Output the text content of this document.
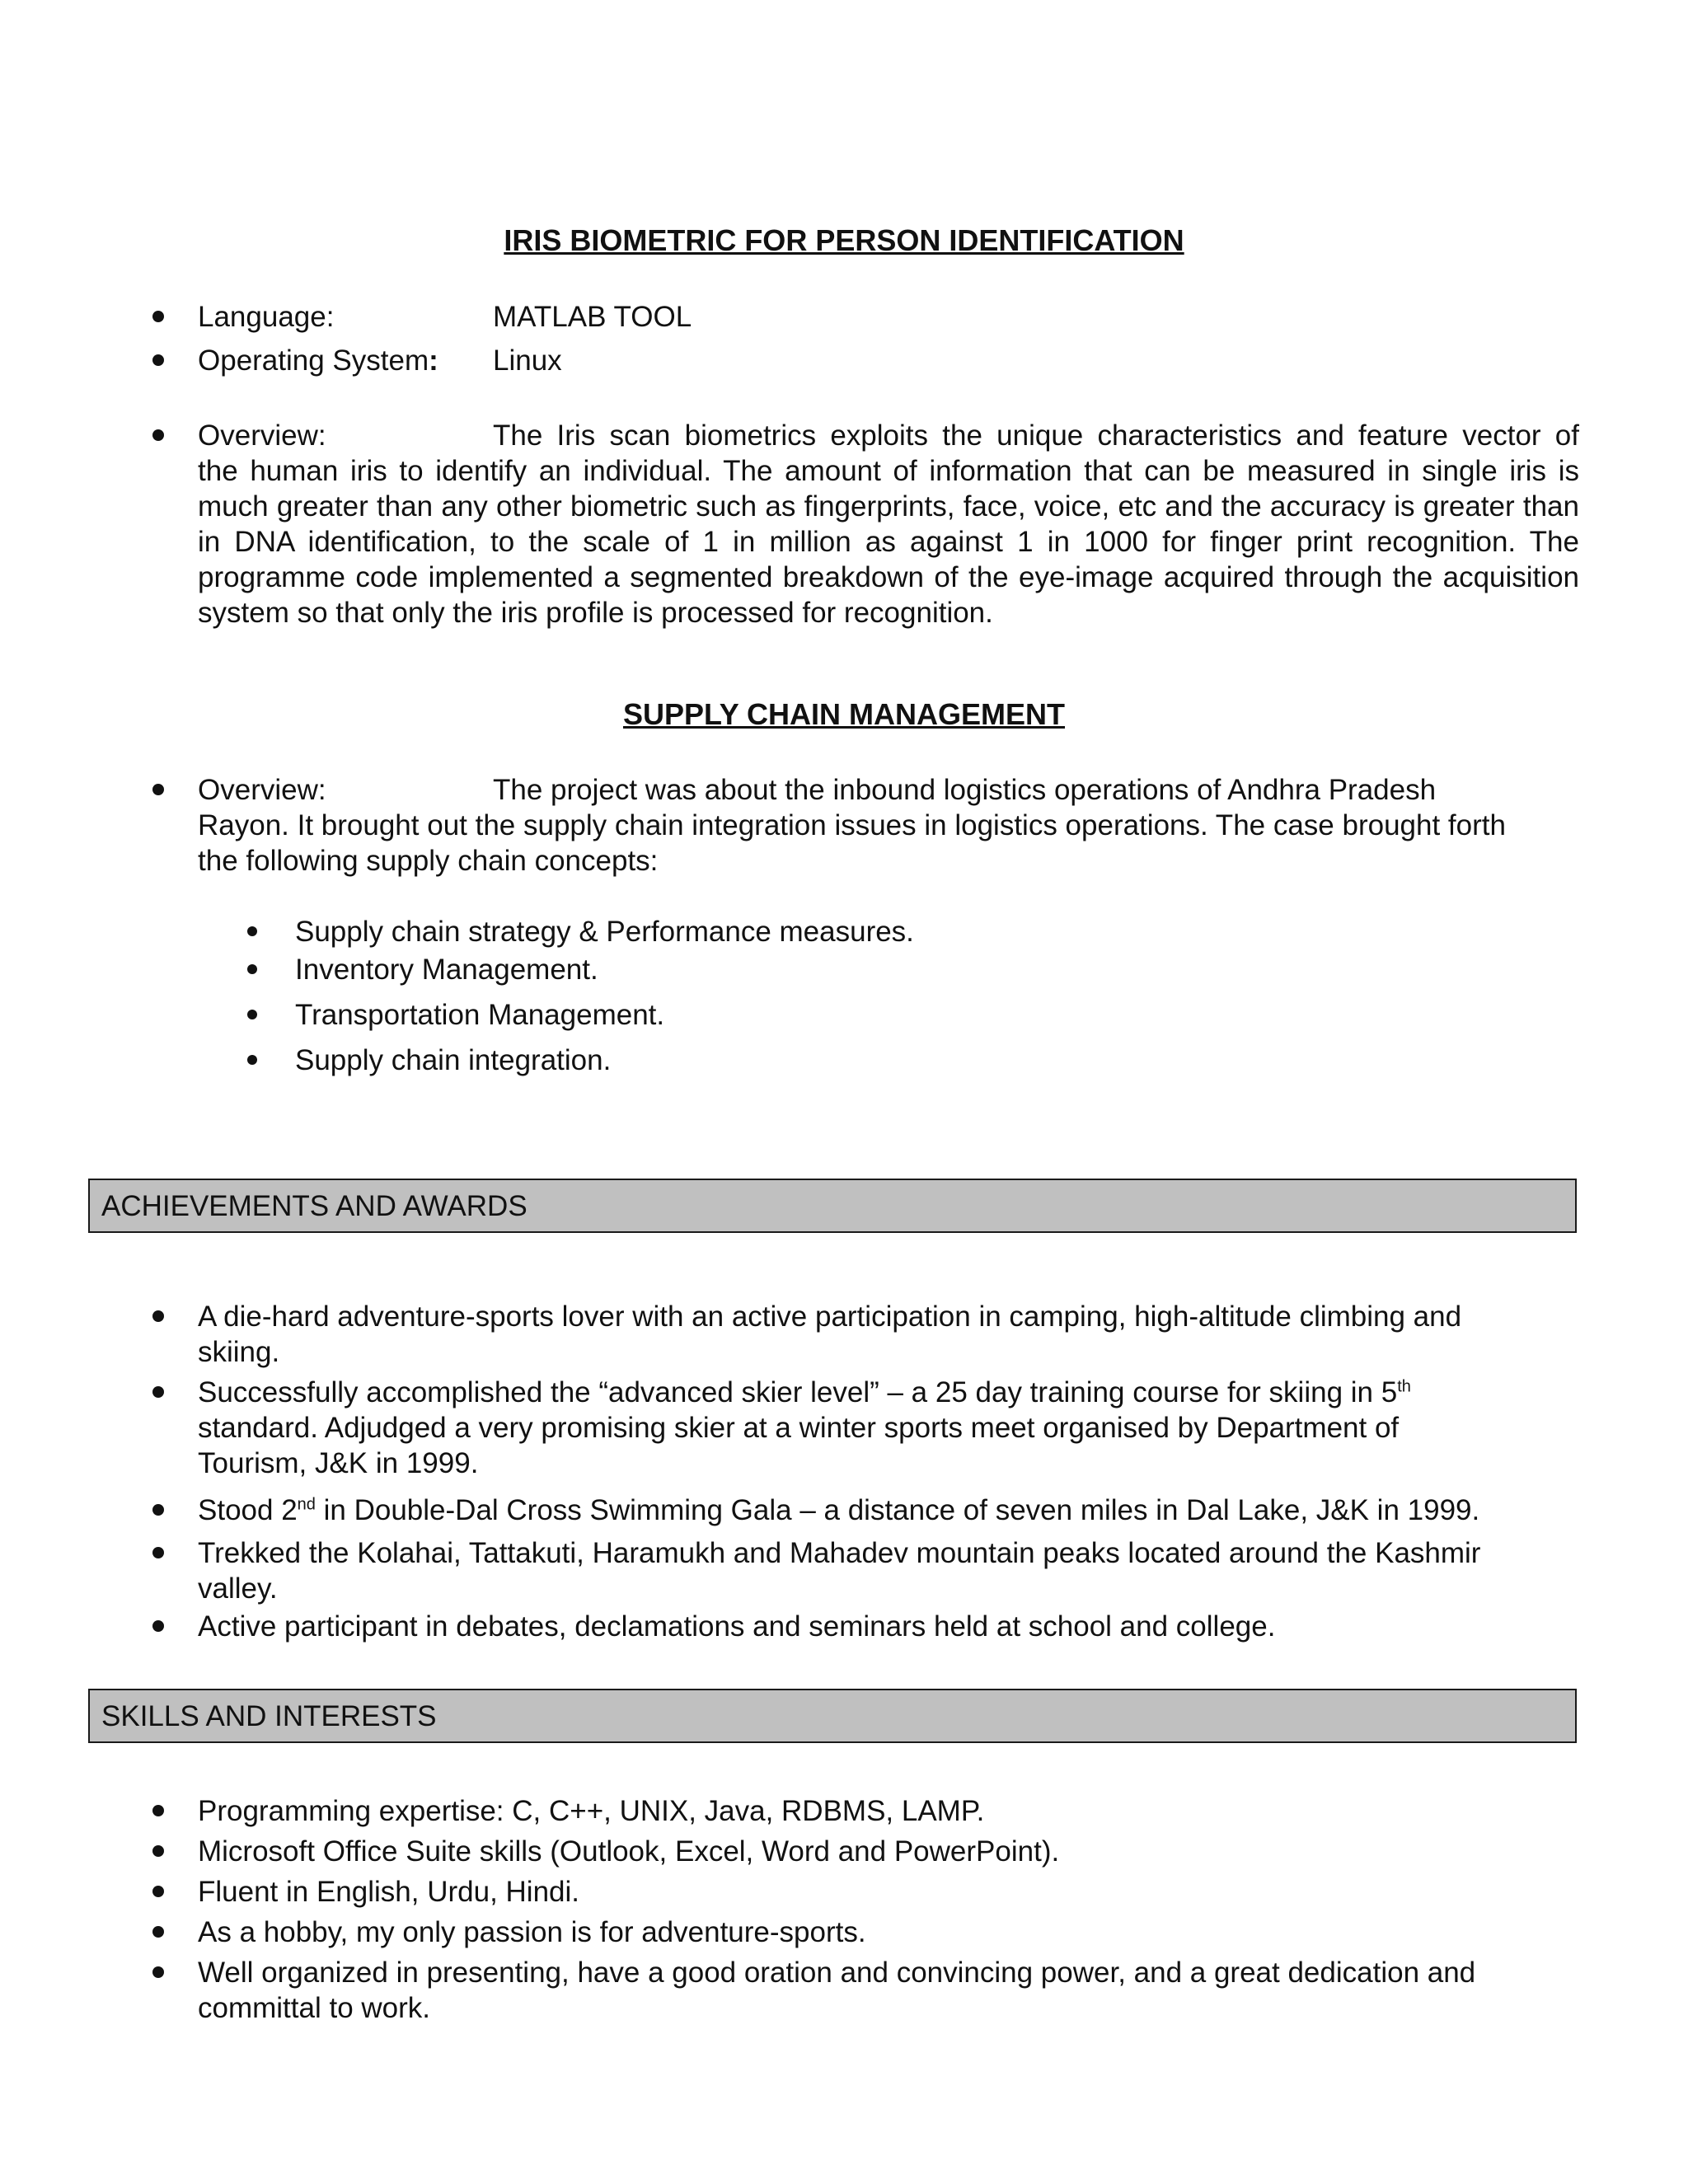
IRIS BIOMETRIC FOR PERSON IDENTIFICATION
Language:	MATLAB TOOL
Operating System: Linux
Overview:	The Iris scan biometrics exploits the unique characteristics and feature vector of
the human iris to identify an individual. The amount of information that can be measured in single iris is much greater than any other biometric such as fingerprints, face, voice, etc and the accuracy is greater than in DNA identification, to the scale of 1 in million as against 1 in 1000 for finger print recognition. The programme code implemented a segmented breakdown of the eye-image acquired through the acquisition system so that only the iris profile is processed for recognition.
SUPPLY CHAIN MANAGEMENT
Overview:	The project was about the inbound logistics operations of Andhra Pradesh
Rayon. It brought out the supply chain integration issues in logistics operations. The case brought forth
the following supply chain concepts:
Supply chain strategy & Performance measures.
Inventory Management.
Transportation Management.
Supply chain integration.
ACHIEVEMENTS AND AWARDS
A die-hard adventure-sports lover with an active participation in camping, high-altitude climbing and
skiing.
Successfully accomplished the “advanced skier level” – a 25 day training course for skiing in 5th
standard. Adjudged a very promising skier at a winter sports meet organised by Department of
Tourism, J&K in 1999.
Stood 2nd in Double-Dal Cross Swimming Gala – a distance of seven miles in Dal Lake, J&K in 1999.
Trekked the Kolahai, Tattakuti, Haramukh and Mahadev mountain peaks located around the Kashmir
valley.
Active participant in debates, declamations and seminars held at school and college.
SKILLS AND INTERESTS
Programming expertise: C, C++, UNIX, Java, RDBMS, LAMP.
Microsoft Office Suite skills (Outlook, Excel, Word and PowerPoint).
Fluent in English, Urdu, Hindi.
As a hobby, my only passion is for adventure-sports.
Well organized in presenting, have a good oration and convincing power, and a great dedication and
committal to work.
